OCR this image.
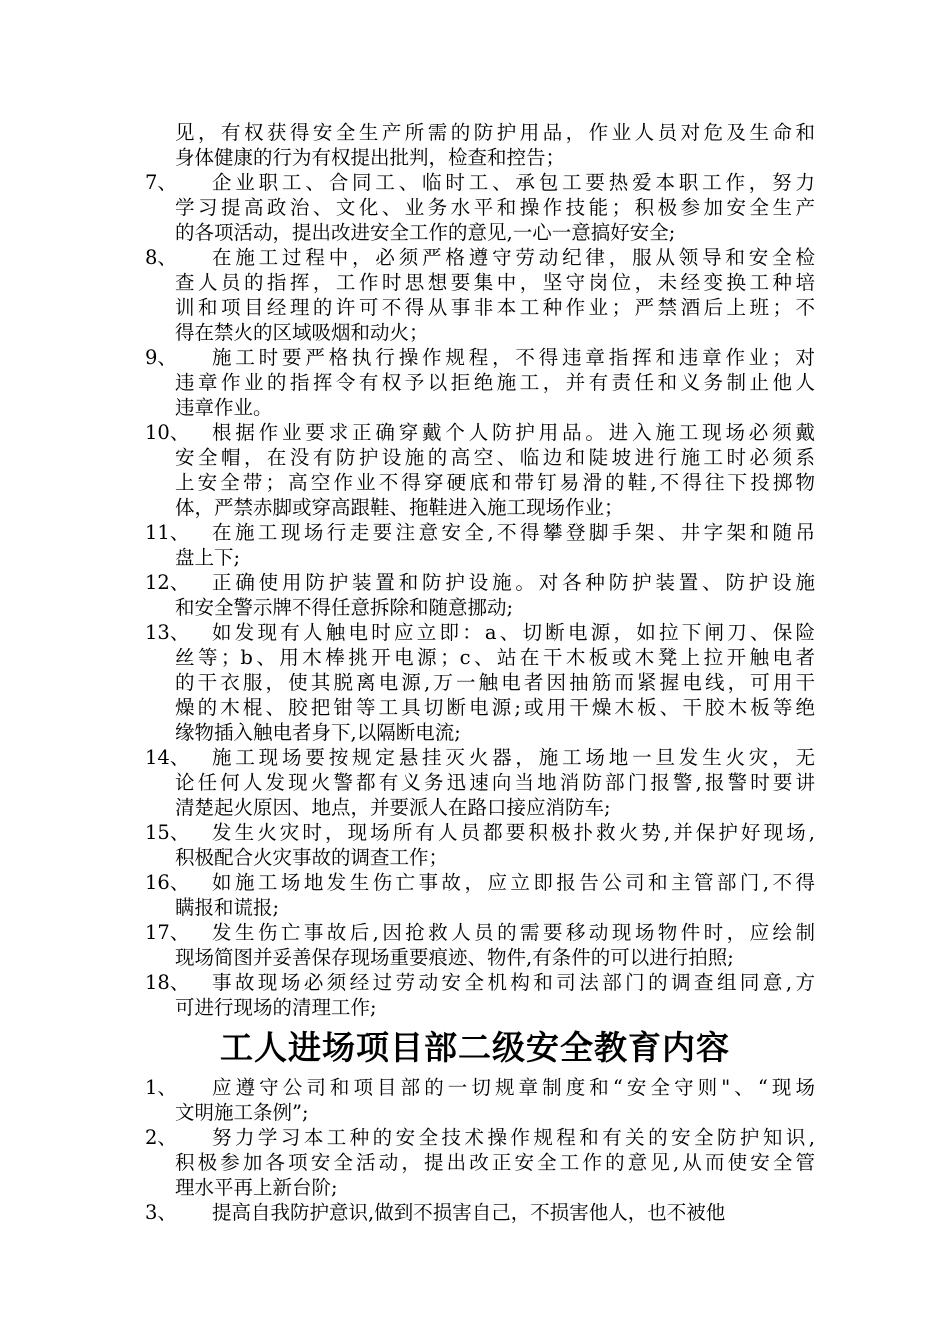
见，有权获得安全生产所需的防护用品，作业人员对危及生命和
身体健康的行为有权提出批判，检查和控告；
7、 企业职工、合同工、临时工、承包工要热爱本职工作，努力
学习提高政治、文化、业务水平和操作技能；积极参加安全生产
的各项活动，提出改进安全工作的意见,一心一意搞好安全;
8、 在施工过程中，必须严格遵守劳动纪律，服从领导和安全检
查人员的指挥，工作时思想要集中，坚守岗位，未经变换工种培
训和项目经理的许可不得从事非本工种作业；严禁酒后上班；不
得在禁火的区域吸烟和动火；
9、 施工时要严格执行操作规程，不得违章指挥和违章作业；对
违章作业的指挥令有权予以拒绝施工，并有责任和义务制止他人
违章作业。
10、 根据作业要求正确穿戴个人防护用品。进入施工现场必须戴
安全帽，在没有防护设施的高空、临边和陡坡进行施工时必须系
上安全带；高空作业不得穿硬底和带钉易滑的鞋,不得往下投掷物
体，严禁赤脚或穿高跟鞋、拖鞋进入施工现场作业；
11、 在施工现场行走要注意安全,不得攀登脚手架、井字架和随吊
盘上下;
12、 正确使用防护装置和防护设施。对各种防护装置、防护设施
和安全警示牌不得任意拆除和随意挪动;
13、 如发现有人触电时应立即：a、切断电源，如拉下闸刀、保险
丝等；b、用木棒挑开电源；c、站在干木板或木凳上拉开触电者
的干衣服，使其脱离电源,万一触电者因抽筋而紧握电线，可用干
燥的木棍、胶把钳等工具切断电源;或用干燥木板、干胶木板等绝
缘物插入触电者身下,以隔断电流;
14、 施工现场要按规定悬挂灭火器，施工场地一旦发生火灾，无
论任何人发现火警都有义务迅速向当地消防部门报警,报警时要讲
清楚起火原因、地点，并要派人在路口接应消防车;
15、 发生火灾时，现场所有人员都要积极扑救火势,并保护好现场,
积极配合火灾事故的调查工作；
16、 如施工场地发生伤亡事故，应立即报告公司和主管部门,不得
瞒报和谎报;
17、 发生伤亡事故后,因抢救人员的需要移动现场物件时，应绘制
现场简图并妥善保存现场重要痕迹、物件,有条件的可以进行拍照;
18、 事故现场必须经过劳动安全机构和司法部门的调查组同意,方
可进行现场的清理工作;
工人进场项目部二级安全教育内容
1、 应遵守公司和项目部的一切规章制度和“安全守则"、“现场
文明施工条例”;
2、 努力学习本工种的安全技术操作规程和有关的安全防护知识,
积极参加各项安全活动，提出改正安全工作的意见,从而使安全管
理水平再上新台阶;
3、 提高自我防护意识,做到不损害自己，不损害他人，也不被他
